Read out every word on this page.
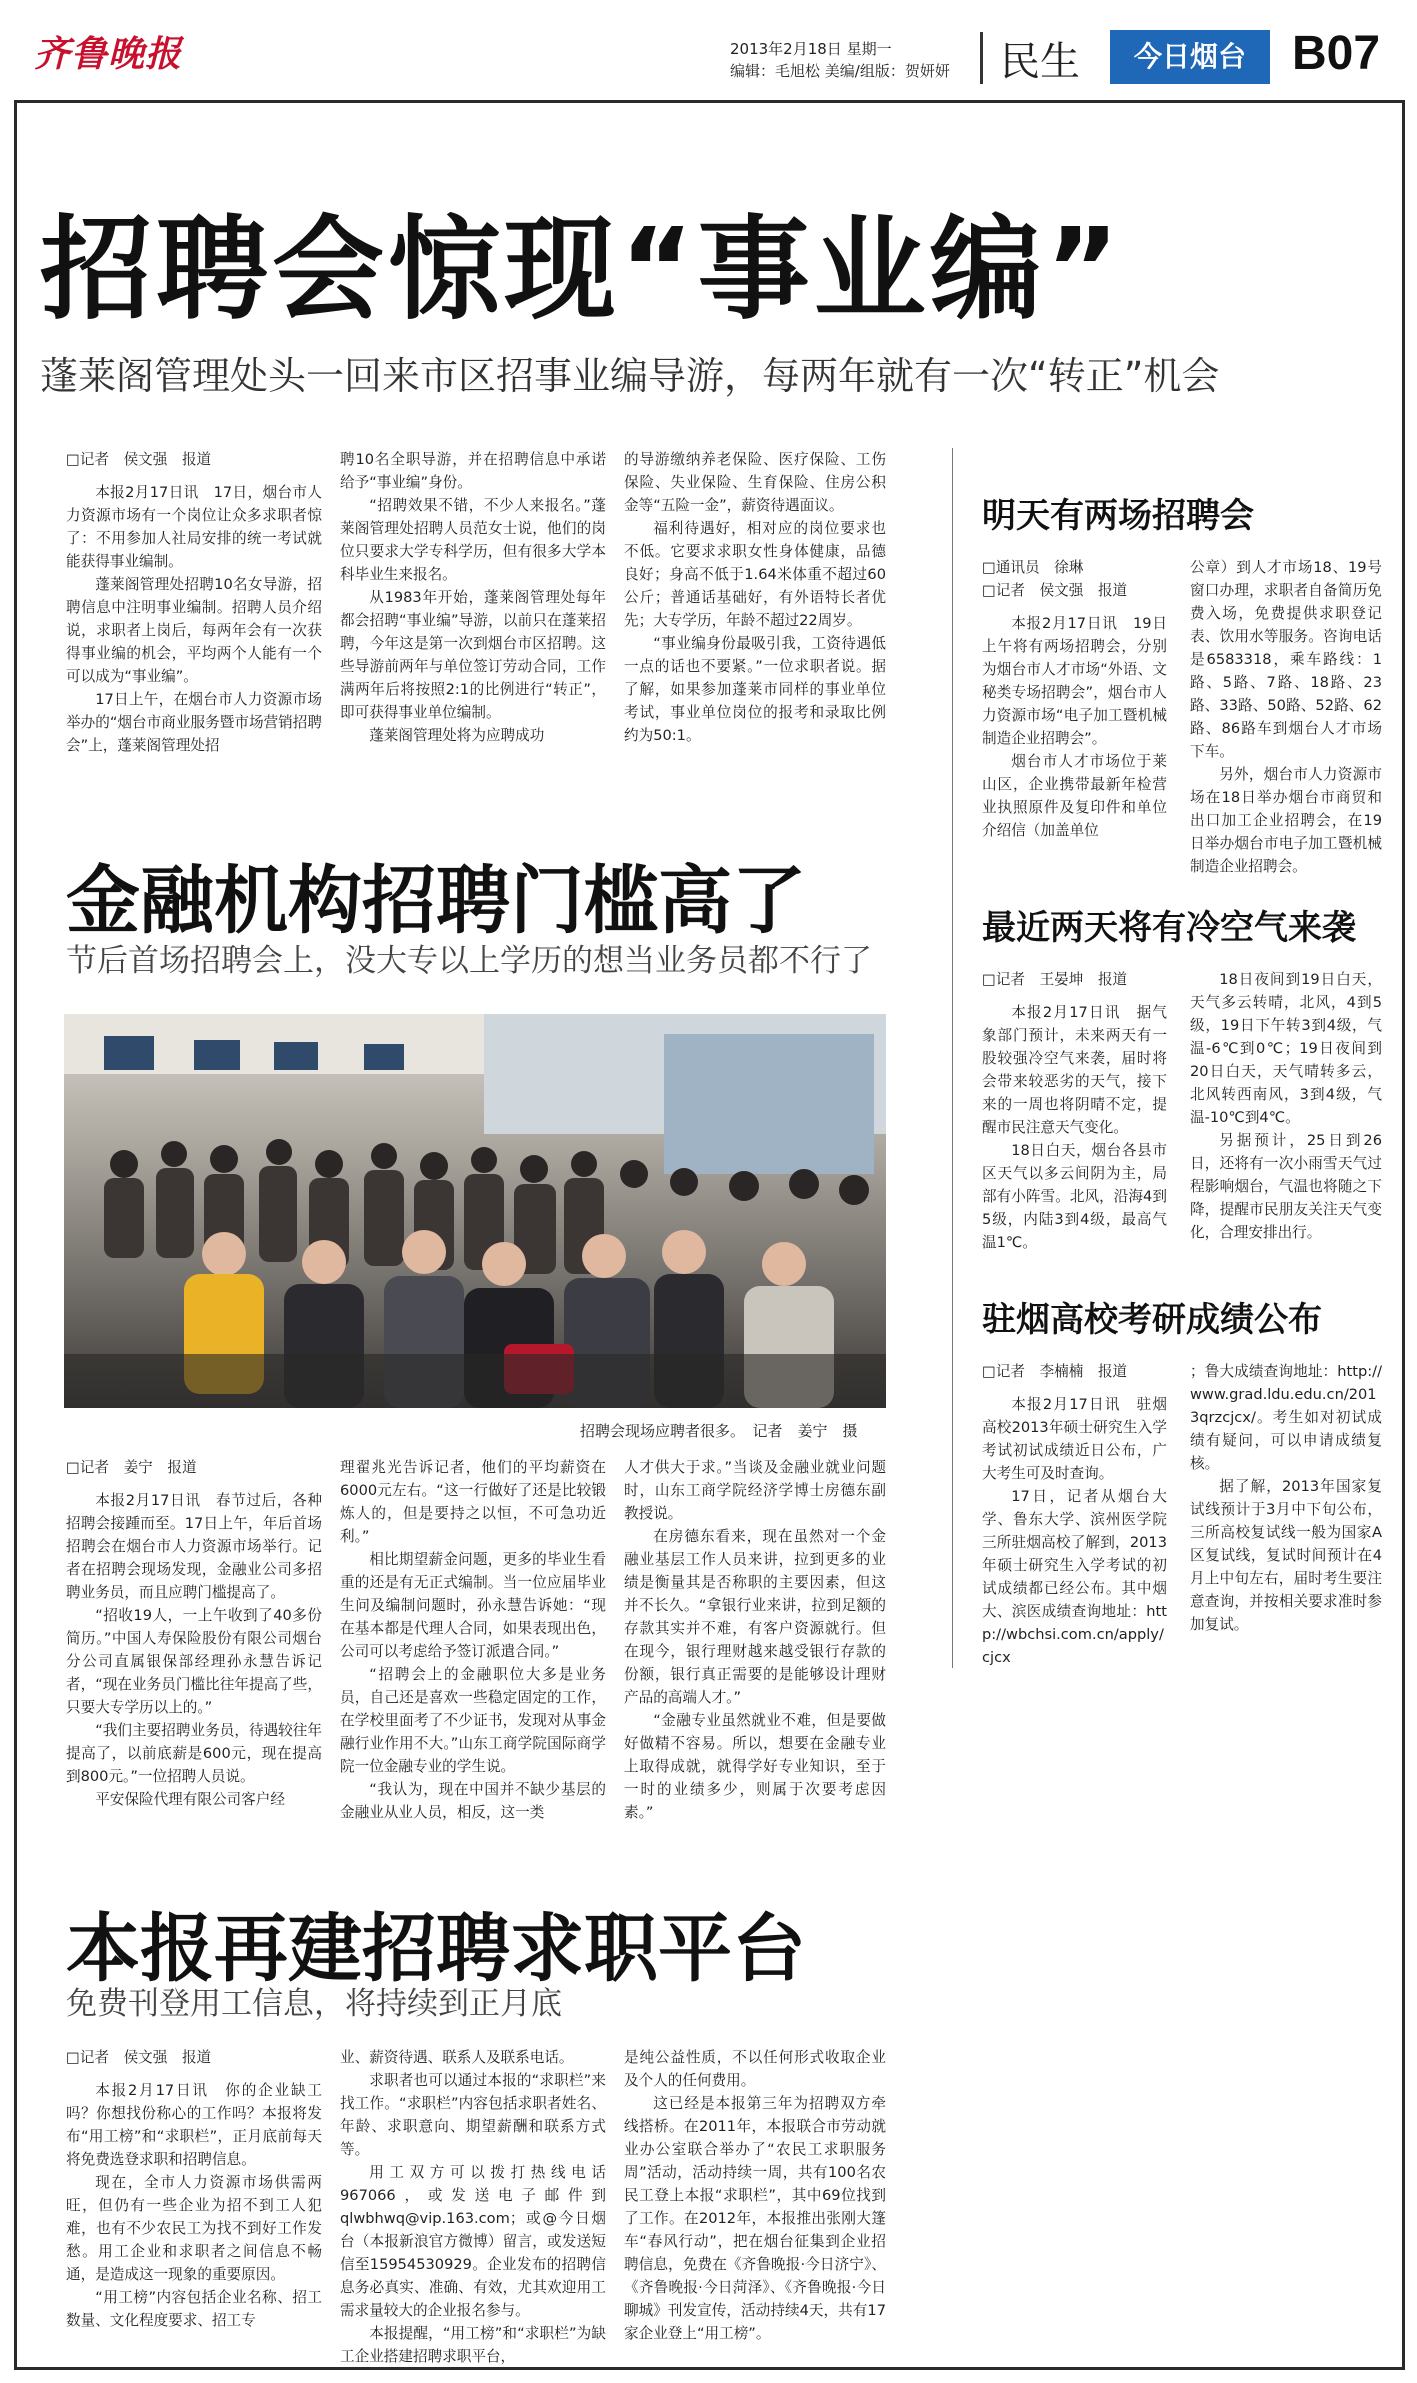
齐鲁晚报	2013年2月18日 星期一
编辑：毛旭松 美编/组版：贺妍妍 民生	今日烟台 B07
招聘会惊现“事业编”
蓬莱阁管理处头一回来市区招事业编导游，每两年就有一次“转正”机会

□记者　侯文强　报道

本报2月17日讯　17日，烟台市人力资源市场有一个岗位让众多求职者惊了：不用参加人社局安排的统一考试就能获得事业编制。

蓬莱阁管理处招聘10名女导游，招聘信息中注明事业编制。招聘人员介绍说，求职者上岗后，每两年会有一次获得事业编的机会，平均两个人能有一个可以成为“事业编”。

17日上午，在烟台市人力资源市场举办的“烟台市商业服务暨市场营销招聘会”上，蓬莱阁管理处招

聘10名全职导游，并在招聘信息中承诺给予“事业编”身份。

“招聘效果不错，不少人来报名。”蓬莱阁管理处招聘人员范女士说，他们的岗位只要求大学专科学历，但有很多大学本科毕业生来报名。

从1983年开始，蓬莱阁管理处每年都会招聘“事业编”导游，以前只在蓬莱招聘，今年这是第一次到烟台市区招聘。这些导游前两年与单位签订劳动合同，工作满两年后将按照2:1的比例进行“转正”，即可获得事业单位编制。

蓬莱阁管理处将为应聘成功

的导游缴纳养老保险、医疗保险、工伤保险、失业保险、生育保险、住房公积金等“五险一金”，薪资待遇面议。

福利待遇好，相对应的岗位要求也不低。它要求求职女性身体健康，品德良好；身高不低于1.64米体重不超过60公斤；普通话基础好，有外语特长者优先；大专学历，年龄不超过22周岁。

“事业编身份最吸引我，工资待遇低一点的话也不要紧。”一位求职者说。据了解，如果参加蓬莱市同样的事业单位考试，事业单位岗位的报考和录取比例约为50:1。

金融机构招聘门槛高了
节后首场招聘会上，没大专以上学历的想当业务员都不行了
招聘会现场应聘者很多。　记者　姜宁　摄

□记者　姜宁　报道

本报2月17日讯　春节过后，各种招聘会接踵而至。17日上午，年后首场招聘会在烟台市人力资源市场举行。记者在招聘会现场发现，金融业公司多招聘业务员，而且应聘门槛提高了。

“招收19人，一上午收到了40多份简历。”中国人寿保险股份有限公司烟台分公司直属银保部经理孙永慧告诉记者，“现在业务员门槛比往年提高了些，只要大专学历以上的。”

“我们主要招聘业务员，待遇较往年提高了，以前底薪是600元，现在提高到800元。”一位招聘人员说。

平安保险代理有限公司客户经

理翟兆光告诉记者，他们的平均薪资在6000元左右。“这一行做好了还是比较锻炼人的，但是要持之以恒，不可急功近利。”

相比期望薪金问题，更多的毕业生看重的还是有无正式编制。当一位应届毕业生问及编制问题时，孙永慧告诉她：“现在基本都是代理人合同，如果表现出色，公司可以考虑给予签订派遣合同。”

“招聘会上的金融职位大多是业务员，自己还是喜欢一些稳定固定的工作，在学校里面考了不少证书，发现对从事金融行业作用不大。”山东工商学院国际商学院一位金融专业的学生说。

“我认为，现在中国并不缺少基层的金融业从业人员，相反，这一类

人才供大于求。”当谈及金融业就业问题时，山东工商学院经济学博士房德东副教授说。

在房德东看来，现在虽然对一个金融业基层工作人员来讲，拉到更多的业绩是衡量其是否称职的主要因素，但这并不长久。“拿银行业来讲，拉到足额的存款其实并不难，有客户资源就行。但在现今，银行理财越来越受银行存款的份额，银行真正需要的是能够设计理财产品的高端人才。”

“金融专业虽然就业不难，但是要做好做精不容易。所以，想要在金融专业上取得成就，就得学好专业知识，至于一时的业绩多少，则属于次要考虑因素。”

本报再建招聘求职平台
免费刊登用工信息，将持续到正月底

□记者　侯文强　报道

本报2月17日讯　你的企业缺工吗？你想找份称心的工作吗？本报将发布“用工榜”和“求职栏”，正月底前每天将免费选登求职和招聘信息。

现在，全市人力资源市场供需两旺，但仍有一些企业为招不到工人犯难，也有不少农民工为找不到好工作发愁。用工企业和求职者之间信息不畅通，是造成这一现象的重要原因。

“用工榜”内容包括企业名称、招工数量、文化程度要求、招工专

业、薪资待遇、联系人及联系电话。

求职者也可以通过本报的“求职栏”来找工作。“求职栏”内容包括求职者姓名、年龄、求职意向、期望薪酬和联系方式等。

用工双方可以拨打热线电话967066，或发送电子邮件到qlwbhwq@vip.163.com；或@今日烟台（本报新浪官方微博）留言，或发送短信至15954530929。企业发布的招聘信息务必真实、准确、有效，尤其欢迎用工需求量较大的企业报名参与。

本报提醒，“用工榜”和“求职栏”为缺工企业搭建招聘求职平台，

是纯公益性质，不以任何形式收取企业及个人的任何费用。

这已经是本报第三年为招聘双方牵线搭桥。在2011年，本报联合市劳动就业办公室联合举办了“农民工求职服务周”活动，活动持续一周，共有100名农民工登上本报“求职栏”，其中69位找到了工作。在2012年，本报推出张刚大篷车“春风行动”，把在烟台征集到企业招聘信息，免费在《齐鲁晚报·今日济宁》、《齐鲁晚报·今日菏泽》、《齐鲁晚报·今日聊城》刊发宣传，活动持续4天，共有17家企业登上“用工榜”。

明天有两场招聘会

□通讯员　徐琳

□记者　侯文强　报道

本报2月17日讯　19日上午将有两场招聘会，分别为烟台市人才市场“外语、文秘类专场招聘会”，烟台市人力资源市场“电子加工暨机械制造企业招聘会”。

烟台市人才市场位于莱山区，企业携带最新年检营业执照原件及复印件和单位介绍信（加盖单位

公章）到人才市场18、19号窗口办理，求职者自备简历免费入场，免费提供求职登记表、饮用水等服务。咨询电话是6583318，乘车路线：1路、5路、7路、18路、23路、33路、50路、52路、62路、86路车到烟台人才市场下车。

另外，烟台市人力资源市场在18日举办烟台市商贸和出口加工企业招聘会，在19日举办烟台市电子加工暨机械制造企业招聘会。

最近两天将有冷空气来袭

□记者　王晏坤　报道

本报2月17日讯　据气象部门预计，未来两天有一股较强冷空气来袭，届时将会带来较恶劣的天气，接下来的一周也将阴晴不定，提醒市民注意天气变化。

18日白天，烟台各县市区天气以多云间阴为主，局部有小阵雪。北风，沿海4到5级，内陆3到4级，最高气温1℃。

18日夜间到19日白天，天气多云转晴，北风，4到5级，19日下午转3到4级，气温-6℃到0℃；19日夜间到20日白天，天气晴转多云，北风转西南风，3到4级，气温-10℃到4℃。

另据预计，25日到26日，还将有一次小雨雪天气过程影响烟台，气温也将随之下降，提醒市民朋友关注天气变化，合理安排出行。

驻烟高校考研成绩公布

□记者　李楠楠　报道

本报2月17日讯　驻烟高校2013年硕士研究生入学考试初试成绩近日公布，广大考生可及时查询。

17日，记者从烟台大学、鲁东大学、滨州医学院三所驻烟高校了解到，2013年硕士研究生入学考试的初试成绩都已经公布。其中烟大、滨医成绩查询地址：http://wbchsi.com.cn/apply/cjcx

；鲁大成绩查询地址：http://www.grad.ldu.edu.cn/2013qrzcjcx/。考生如对初试成绩有疑问，可以申请成绩复核。

据了解，2013年国家复试线预计于3月中下旬公布，三所高校复试线一般为国家A区复试线，复试时间预计在4月上中旬左右，届时考生要注意查询，并按相关要求准时参加复试。
